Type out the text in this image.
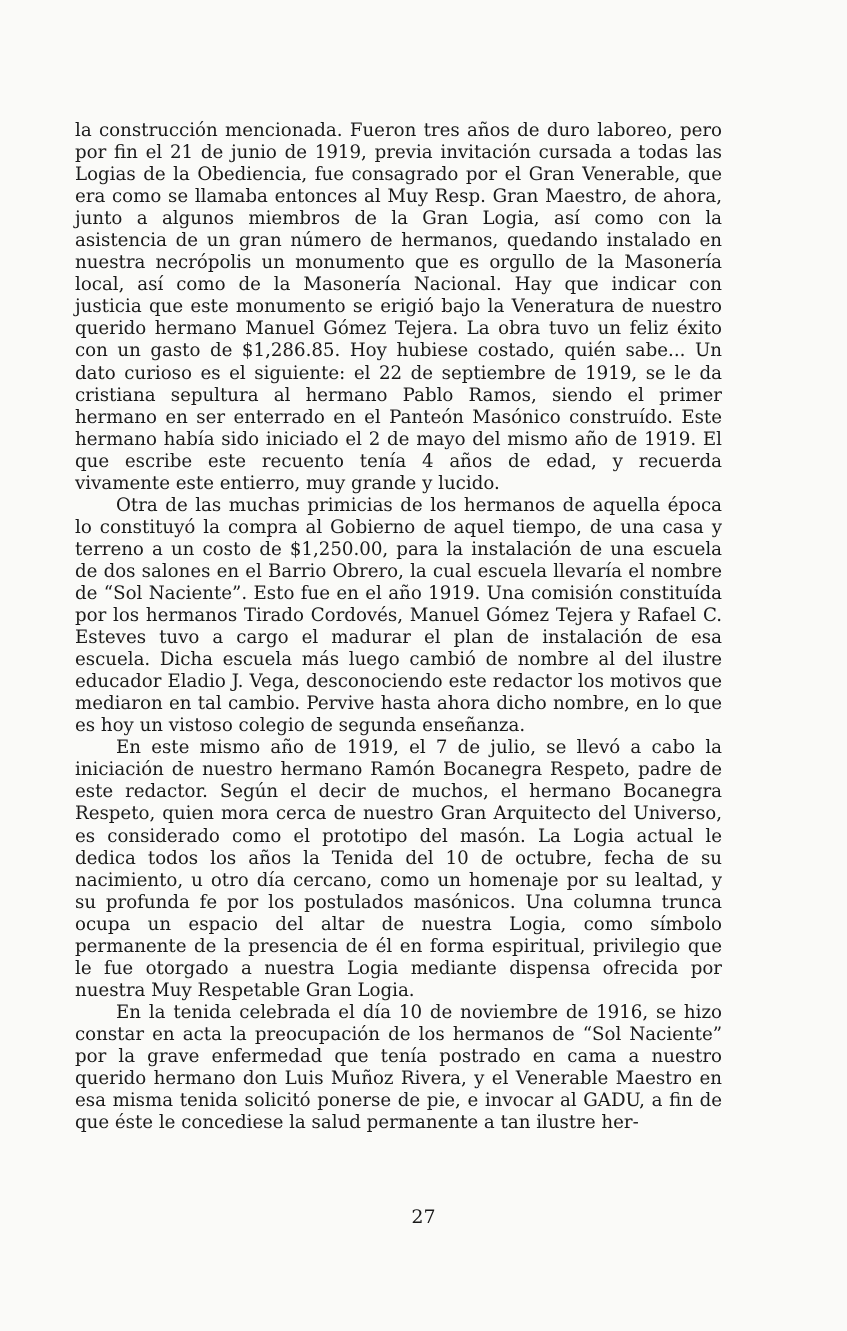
la construcción mencionada. Fueron tres años de duro laboreo, pero por fin el 21 de junio de 1919, previa invitación cursada a todas las Logias de la Obediencia, fue consagrado por el Gran Venerable, que era como se llamaba entonces al Muy Resp. Gran Maestro, de ahora, junto a algunos miembros de la Gran Logia, así como con la asistencia de un gran número de hermanos, quedando instalado en nuestra necrópolis un monumento que es orgullo de la Masonería local, así como de la Masonería Nacional. Hay que indicar con justicia que este monumento se erigió bajo la Veneratura de nuestro querido hermano Manuel Gómez Tejera. La obra tuvo un feliz éxito con un gasto de $1,286.85. Hoy hubiese costado, quién sabe... Un dato curioso es el siguiente: el 22 de septiembre de 1919, se le da cristiana sepultura al hermano Pablo Ramos, siendo el primer hermano en ser enterrado en el Panteón Masónico construído. Este hermano había sido iniciado el 2 de mayo del mismo año de 1919. El que escribe este recuento tenía 4 años de edad, y recuerda vivamente este entierro, muy grande y lucido.

Otra de las muchas primicias de los hermanos de aquella época lo constituyó la compra al Gobierno de aquel tiempo, de una casa y terreno a un costo de $1,250.00, para la instalación de una escuela de dos salones en el Barrio Obrero, la cual escuela llevaría el nombre de “Sol Naciente”. Esto fue en el año 1919. Una comisión constituída por los hermanos Tirado Cordovés, Manuel Gómez Tejera y Rafael C. Esteves tuvo a cargo el madurar el plan de instalación de esa escuela. Dicha escuela más luego cambió de nombre al del ilustre educador Eladio J. Vega, desconociendo este redactor los motivos que mediaron en tal cambio. Pervive hasta ahora dicho nombre, en lo que es hoy un vistoso colegio de segunda enseñanza.

En este mismo año de 1919, el 7 de julio, se llevó a cabo la iniciación de nuestro hermano Ramón Bocanegra Respeto, padre de este redactor. Según el decir de muchos, el hermano Bocanegra Respeto, quien mora cerca de nuestro Gran Arquitecto del Universo, es considerado como el prototipo del masón. La Logia actual le dedica todos los años la Tenida del 10 de octubre, fecha de su nacimiento, u otro día cercano, como un homenaje por su lealtad, y su profunda fe por los postulados masónicos. Una columna trunca ocupa un espacio del altar de nuestra Logia, como símbolo permanente de la presencia de él en forma espiritual, privilegio que le fue otorgado a nuestra Logia mediante dispensa ofrecida por nuestra Muy Respetable Gran Logia.

En la tenida celebrada el día 10 de noviembre de 1916, se hizo constar en acta la preocupación de los hermanos de “Sol Naciente” por la grave enfermedad que tenía postrado en cama a nuestro querido hermano don Luis Muñoz Rivera, y el Venerable Maestro en esa misma tenida solicitó ponerse de pie, e invocar al GADU, a fin de que éste le concediese la salud permanente a tan ilustre her-

27
